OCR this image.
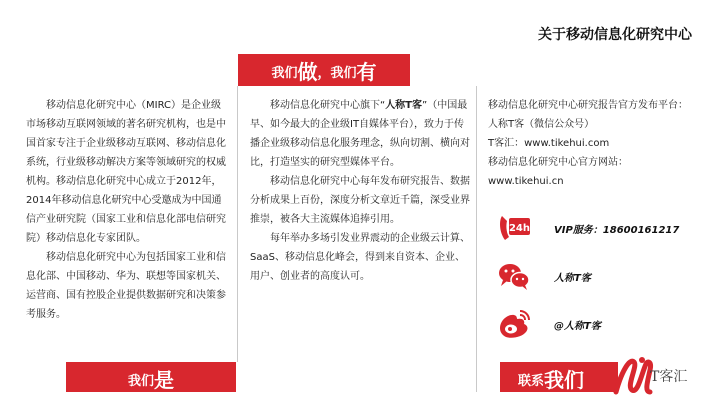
关于移动信息化研究中心
我们 做 ，我们 有

移动信息化研究中心（MIRC）是企业级市场移动互联网领域的著名研究机构，也是中国首家专注于企业级移动互联网、移动信息化系统，行业级移动解决方案等领域研究的权威机构。移动信息化研究中心成立于2012年，2014年移动信息化研究中心受邀成为中国通信产业研究院（国家工业和信息化部电信研究院）移动信息化专家团队。

移动信息化研究中心为包括国家工业和信息化部、中国移动、华为、联想等国家机关、运营商、国有控股企业提供数据研究和决策参考服务。

移动信息化研究中心旗下“人称T客”（中国最早、如今最大的企业级IT自媒体平台），致力于传播企业级移动信息化服务理念，纵向切割、横向对比，打造坚实的研究型媒体平台。

移动信息化研究中心每年发布研究报告、数据分析成果上百份，深度分析文章近千篇，深受业界推崇，被各大主流媒体追捧引用。

每年举办多场引发业界震动的企业级云计算、SaaS、移动信息化峰会，得到来自资本、企业、用户、创业者的高度认可。

移动信息化研究中心研究报告官方发布平台：

人称T客（微信公众号）

T客汇：www.tikehui.com

移动信息化研究中心官方网站：

www.tikehui.cn

24h VIP服务：18600161217
人称T客
@人称T客
我们 是	联系 我们	T客汇
